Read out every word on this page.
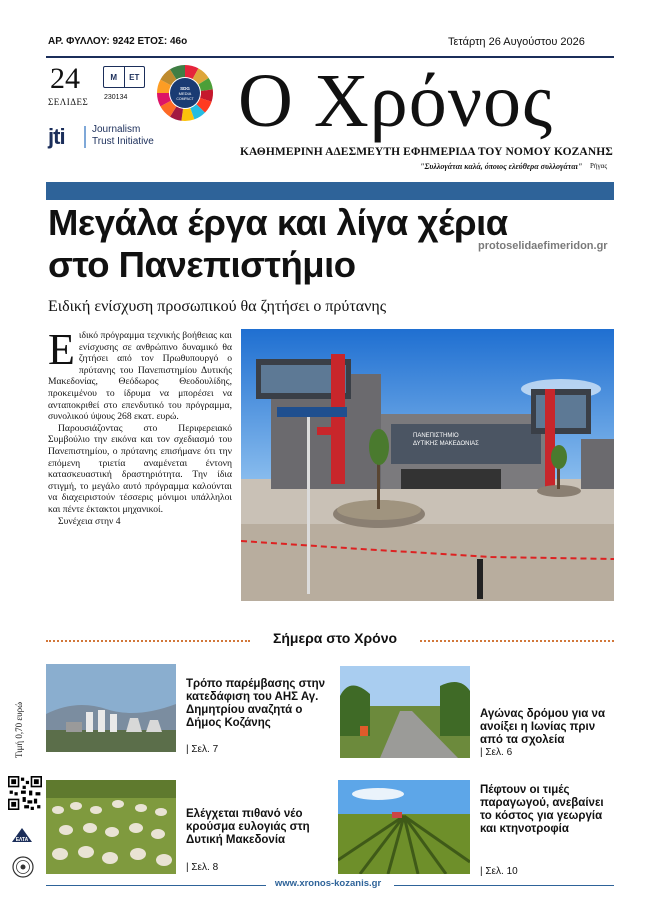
ΑΡ. ΦΥΛΛΟΥ: 9242 ΕΤΟΣ: 46ο	Τετάρτη 26 Αυγούστου 2026
24
ΣΕΛΙΔΕΣ
Μ	ΕΤ
230134
SDG
MEDIA
COMPACT
jti	Journalism
Trust Initiative Ο Χρόνος
ΚΑΘΗΜΕΡΙΝΗ ΑΔΕΣΜΕΥΤΗ ΕΦΗΜΕΡΙΔΑ ΤΟΥ ΝΟΜΟΥ ΚΟΖΑΝΗΣ
"Συλλογάται καλά, όποιος ελεύθερα συλλογάται" Ρήγας
Μεγάλα έργα και λίγα χέρια
στο Πανεπιστήμιο	protoselidaefimeridon.gr
Ειδική ενίσχυση προσωπικού θα ζητήσει ο πρύτανης

Ειδικό πρόγραμμα τεχνικής βοήθειας και ενίσχυσης σε ανθρώπινο δυναμικό θα ζητήσει από τον Πρωθυπουργό ο πρύτανης του Πανεπιστημίου Δυτικής Μακεδονίας, Θεόδωρος Θεοδουλίδης, προκειμένου το ίδρυμα να μπορέσει να ανταποκριθεί στο επενδυτικό του πρόγραμμα, συνολικού ύψους 268 εκατ. ευρώ.

Παρουσιάζοντας στο Περιφερειακό Συμβούλιο την εικόνα και τον σχεδιασμό του Πανεπιστημίου, ο πρύτανης επισήμανε ότι την επόμενη τριετία αναμένεται έντονη κατασκευαστική δραστηριότητα. Την ίδια στιγμή, το μεγάλο αυτό πρόγραμμα καλούνται να διαχειριστούν τέσσερις μόνιμοι υπάλληλοι και πέντε έκτακτοι μηχανικοί.

Συνέχεια στην 4

ΠΑΝΕΠΙΣΤΗΜΙΟ
ΔΥΤΙΚΗΣ ΜΑΚΕΔΟΝΙΑΣ
Σήμερα στο Χρόνο
Τρόπο παρέμβασης στην κατεδάφιση του ΑΗΣ Αγ. Δημητρίου αναζητά ο Δήμος Κοζάνης
| Σελ. 7
Αγώνας δρόμου για να ανοίξει η Ιωνίας πριν από τα σχολεία
| Σελ. 6
Ελέγχεται πιθανό νέο κρούσμα ευλογιάς στη Δυτική Μακεδονία
| Σελ. 8
Πέφτουν οι τιμές παραγωγού, ανεβαίνει το κόστος για γεωργία και κτηνοτροφία
| Σελ. 10
Τιμή 0,70 ευρώ
ΕΛΤΑ
www.xronos-kozanis.gr
